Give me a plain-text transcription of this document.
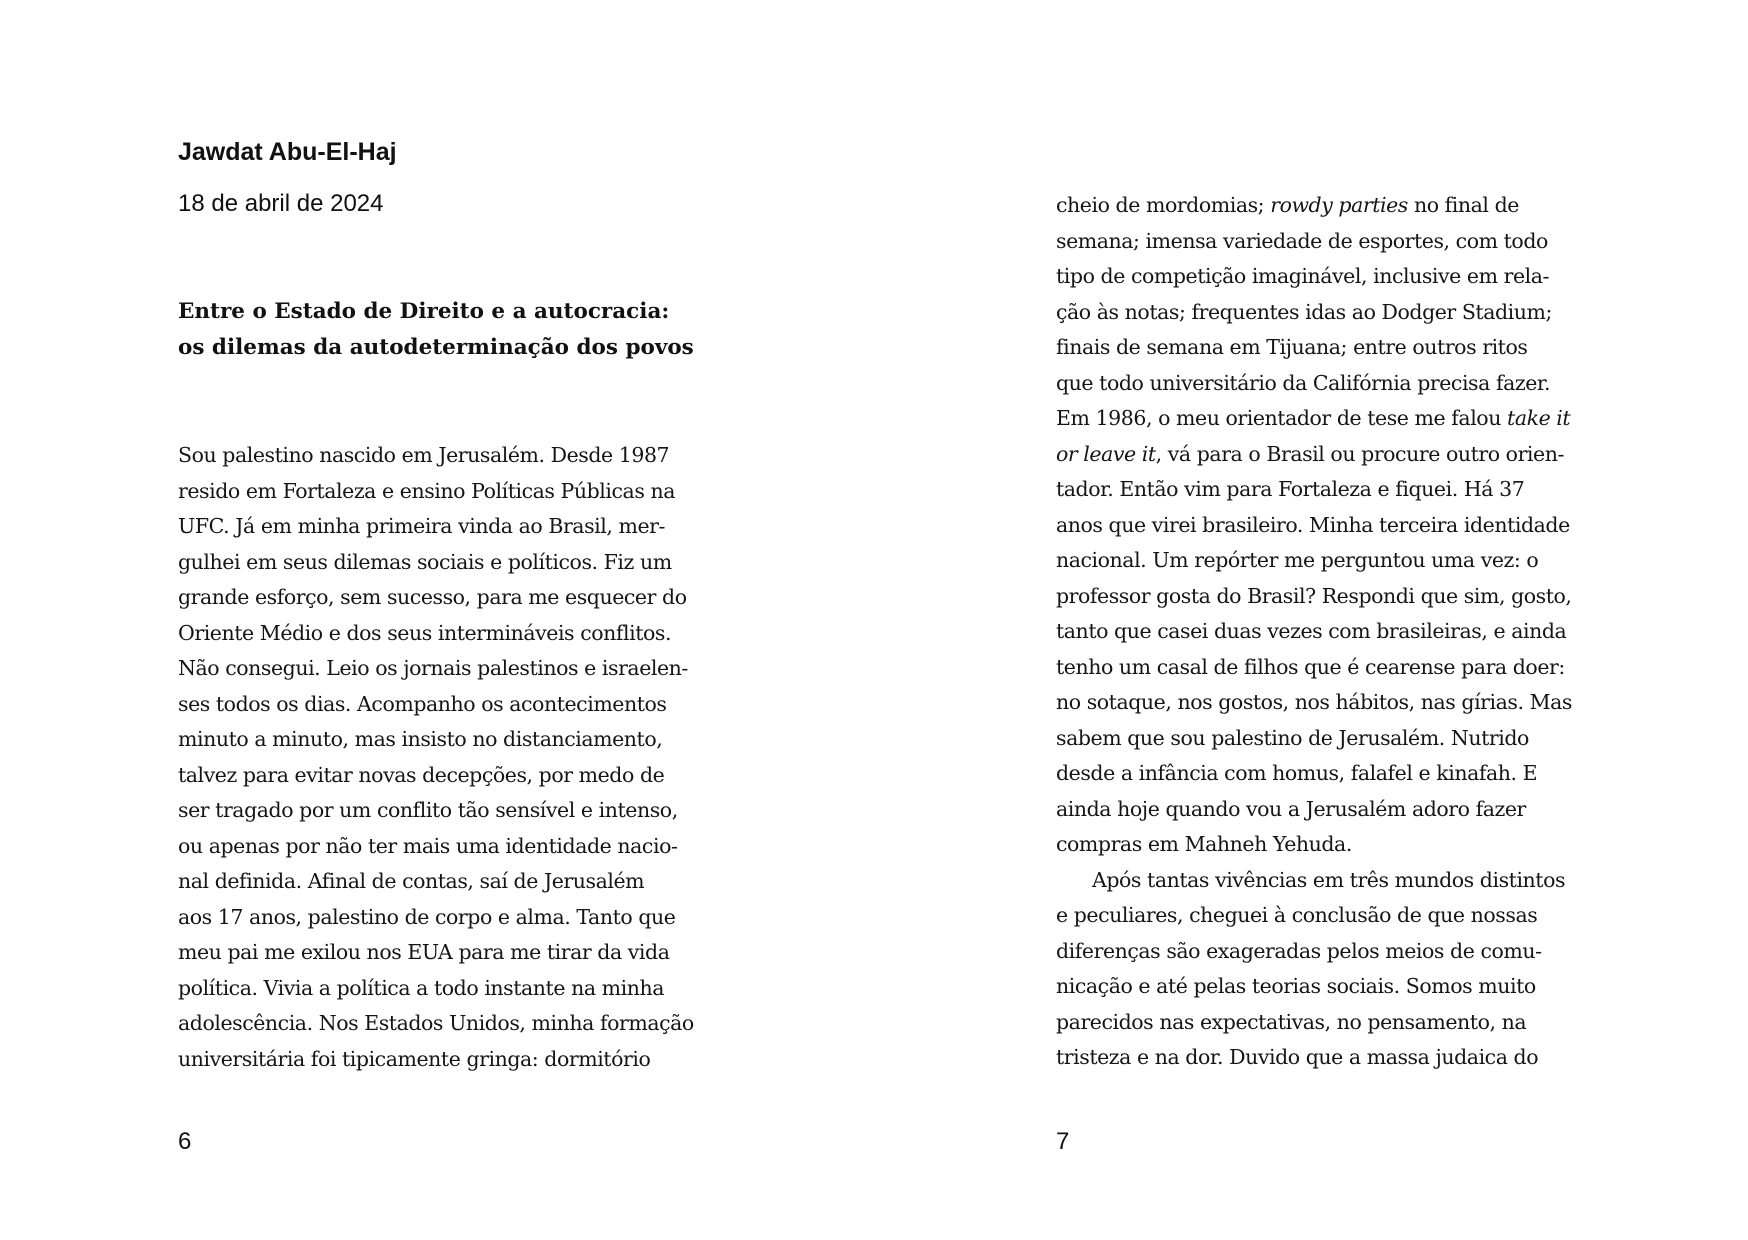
Jawdat Abu-El-Haj
18 de abril de 2024
Entre o Estado de Direito e a autocracia:
os dilemas da autodeterminação dos povos
Sou palestino nascido em Jerusalém. Desde 1987
resido em Fortaleza e ensino Políticas Públicas na
UFC. Já em minha primeira vinda ao Brasil, mer-
gulhei em seus dilemas sociais e políticos. Fiz um
grande esforço, sem sucesso, para me esquecer do
Oriente Médio e dos seus intermináveis conflitos.
Não consegui. Leio os jornais palestinos e israelen-
ses todos os dias. Acompanho os acontecimentos
minuto a minuto, mas insisto no distanciamento,
talvez para evitar novas decepções, por medo de
ser tragado por um conflito tão sensível e intenso,
ou apenas por não ter mais uma identidade nacio-
nal definida. Afinal de contas, saí de Jerusalém
aos 17 anos, palestino de corpo e alma. Tanto que
meu pai me exilou nos EUA para me tirar da vida
política. Vivia a política a todo instante na minha
adolescência. Nos Estados Unidos, minha formação
universitária foi tipicamente gringa: dormitório
6
cheio de mordomias; rowdy parties no final de
semana; imensa variedade de esportes, com todo
tipo de competição imaginável, inclusive em rela-
ção às notas; frequentes idas ao Dodger Stadium;
finais de semana em Tijuana; entre outros ritos
que todo universitário da Califórnia precisa fazer.
Em 1986, o meu orientador de tese me falou take it
or leave it, vá para o Brasil ou procure outro orien-
tador. Então vim para Fortaleza e fiquei. Há 37
anos que virei brasileiro. Minha terceira identidade
nacional. Um repórter me perguntou uma vez: o
professor gosta do Brasil? Respondi que sim, gosto,
tanto que casei duas vezes com brasileiras, e ainda
tenho um casal de filhos que é cearense para doer:
no sotaque, nos gostos, nos hábitos, nas gírias. Mas
sabem que sou palestino de Jerusalém. Nutrido
desde a infância com homus, falafel e kinafah. E
ainda hoje quando vou a Jerusalém adoro fazer
compras em Mahneh Yehuda.
Após tantas vivências em três mundos distintos
e peculiares, cheguei à conclusão de que nossas
diferenças são exageradas pelos meios de comu-
nicação e até pelas teorias sociais. Somos muito
parecidos nas expectativas, no pensamento, na
tristeza e na dor. Duvido que a massa judaica do
7
